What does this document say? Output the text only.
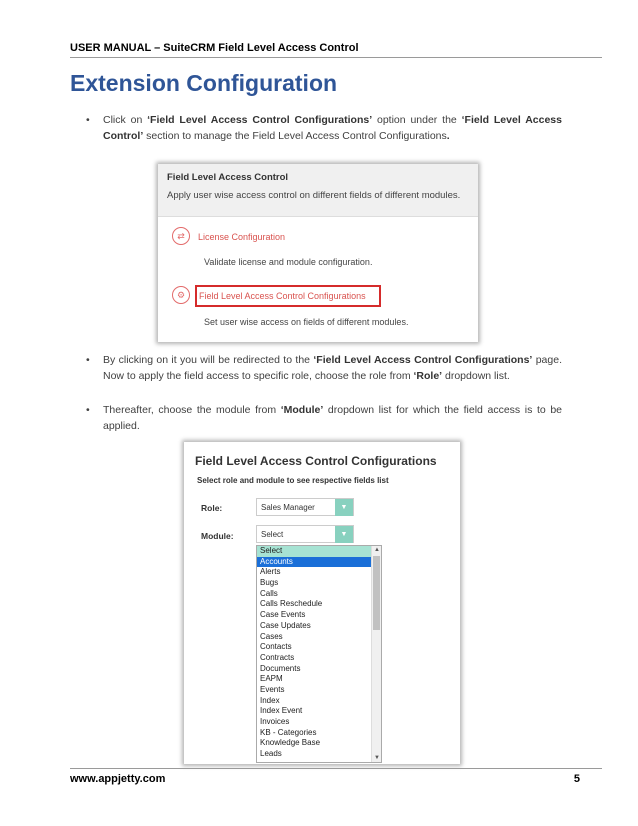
USER MANUAL – SuiteCRM Field Level Access Control
Extension Configuration
• Click on ‘Field Level Access Control Configurations’ option under the ‘Field Level Access Control’ section to manage the Field Level Access Control Configurations.
Field Level Access Control
Apply user wise access control on different fields of different modules.
⇄	License Configuration
Validate license and module configuration.
⚙	Field Level Access Control Configurations
Set user wise access on fields of different modules.
• By clicking on it you will be redirected to the ‘Field Level Access Control Configurations’ page. Now to apply the field access to specific role, choose the role from ‘Role’ dropdown list.
• Thereafter, choose the module from ‘Module’ dropdown list for which the field access is to be applied.
Field Level Access Control Configurations
Select role and module to see respective fields list
Role:	Sales Manager	▼
Module:	Select	▼
Select
Accounts
Alerts
Bugs
Calls
Calls Reschedule
Case Events
Case Updates
Cases
Contacts
Contracts
Documents
EAPM
Events
Index
Index Event
Invoices
KB - Categories
Knowledge Base
Leads
▲
▼
www.appjetty.com	5
